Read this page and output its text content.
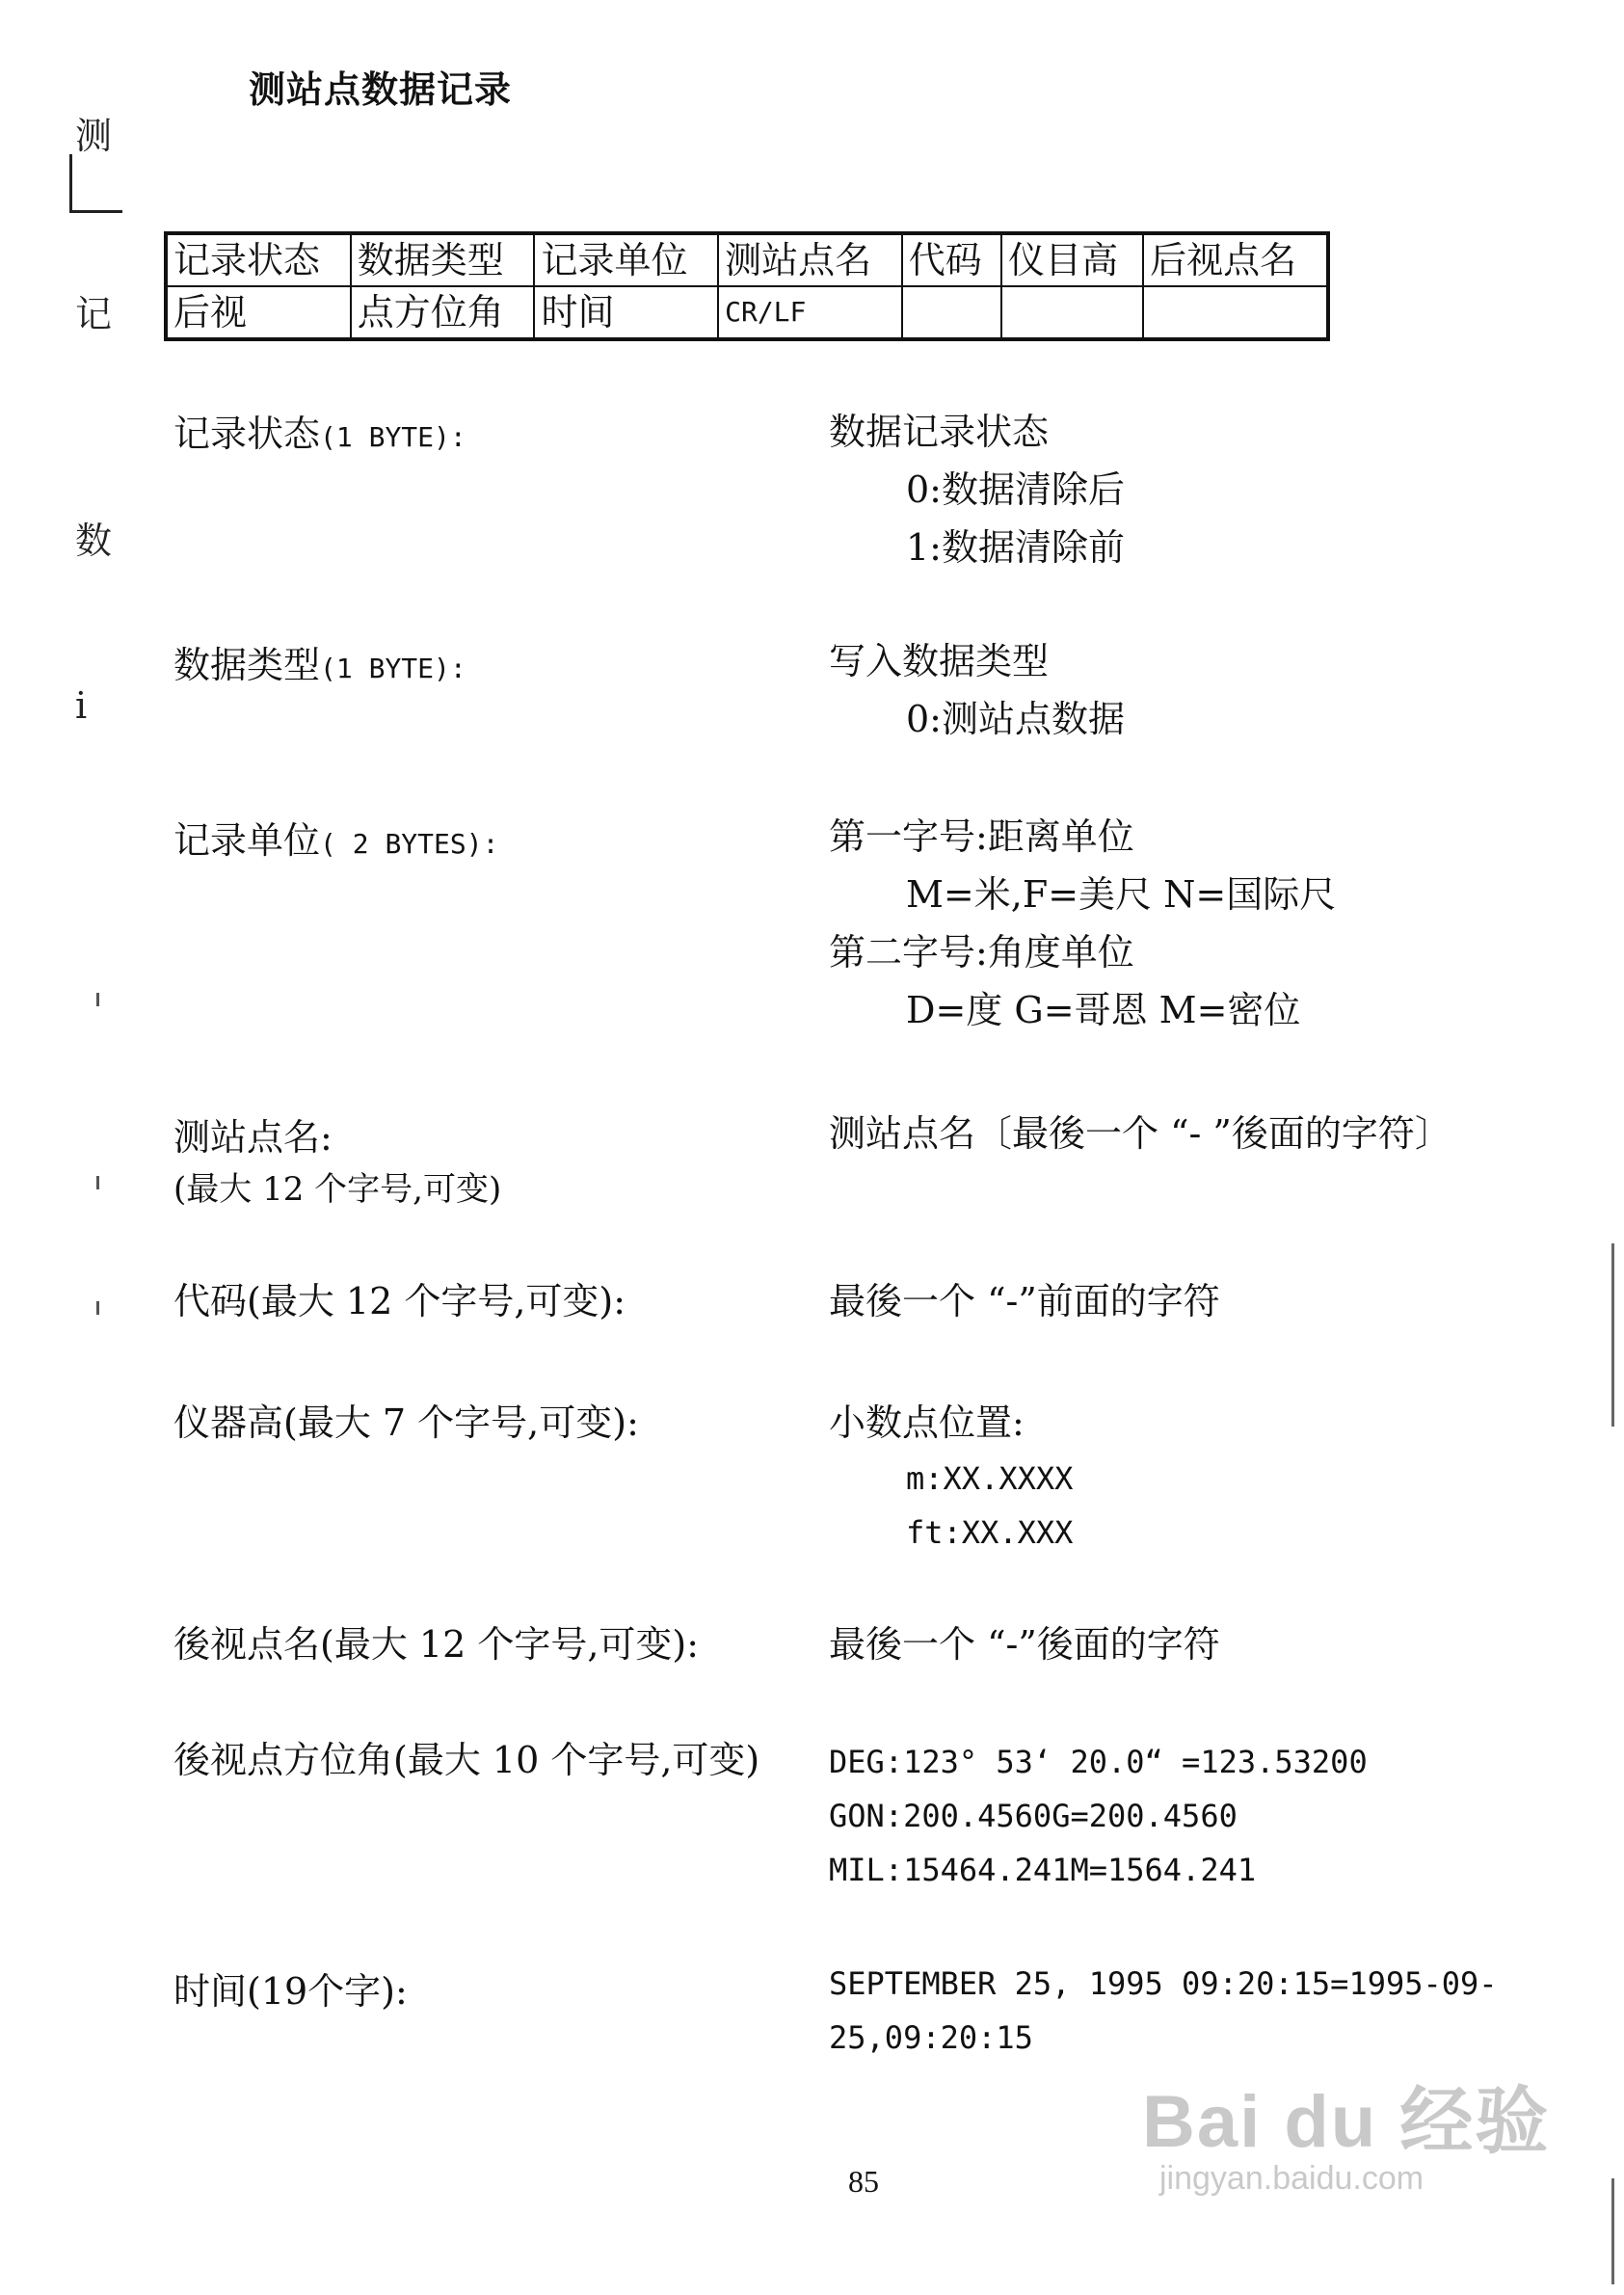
测站点数据记录
测
记
数
i
记录状态	数据类型	记录单位	测站点名	代码	仪目高	后视点名
后视	点方位角	时间	CR/LF			
记录状态(1 BYTE):	数据记录状态
0:数据清除后
1:数据清除前
数据类型(1 BYTE):	写入数据类型
0:测站点数据
记录单位( 2 BYTES):	第一字号:距离单位
M=米,F=美尺 N=国际尺
第二字号:角度单位
D=度 G=哥恩 M=密位
测站点名:
(最大 12 个字号,可变)
测站点名〔最後一个 “- ”後面的字符〕
代码(最大 12 个字号,可变):	最後一个 “-”前面的字符
仪器高(最大 7 个字号,可变):	小数点位置:
m:XX.XXXX
ft:XX.XXX
後视点名(最大 12 个字号,可变):	最後一个 “-”後面的字符
後视点方位角(最大 10 个字号,可变) DEG:123° 53‘ 20.0“ =123.53200
GON:200.4560G=200.4560
MIL:15464.241M=1564.241
时间(19个字):	SEPTEMBER 25, 1995 09:20:15=1995-09-
25,09:20:15
85
Bai du 经验
jingyan.baidu.com
